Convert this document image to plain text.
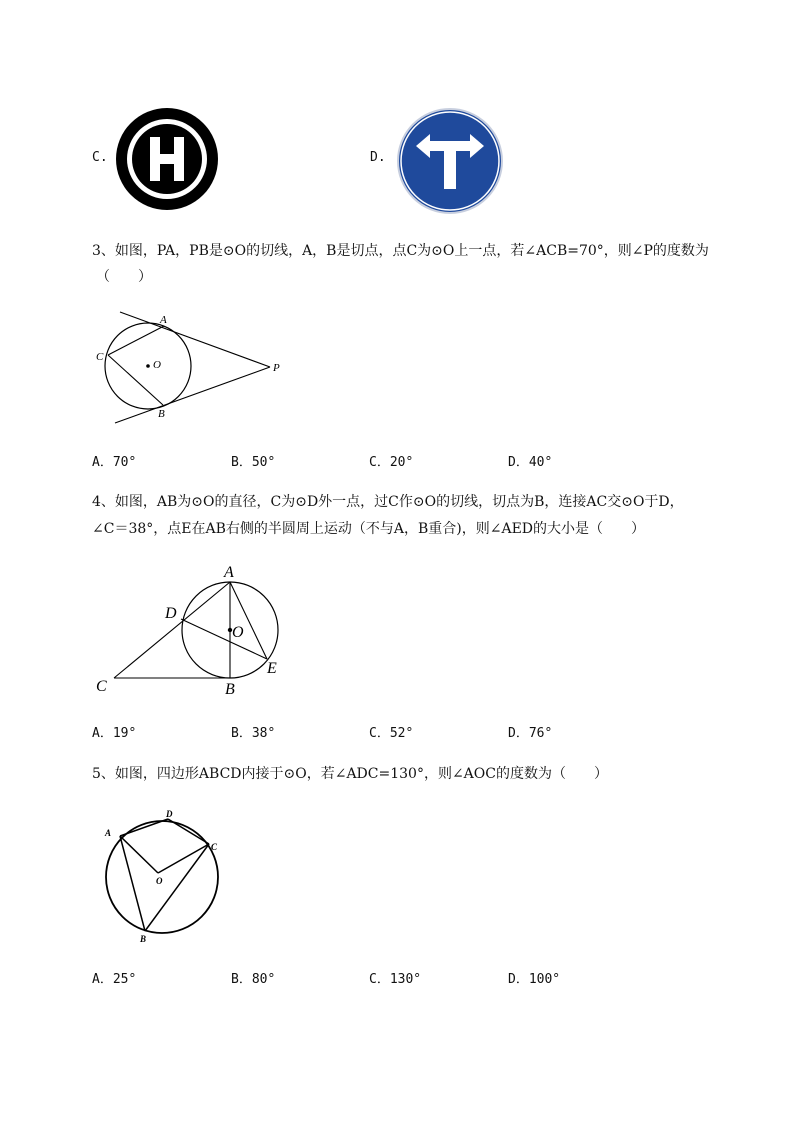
C.	D.
3、如图，PA，PB是⊙O的切线，A，B是切点，点C为⊙O上一点，若∠ACB=70°，则∠P的度数为
（　　）
A
B
C
O	P
A．70°	B．50°	C．20°	D．40°
4、如图，AB为⊙O的直径，C为⊙D外一点，过C作⊙O的切线，切点为B，连接AC交⊙O于D，
∠C＝38°，点E在AB右侧的半圆周上运动（不与A，B重合)，则∠AED的大小是（　　）
A
B
C
D
E
O
A．19°	B．38°	C．52°	D．76°
5、如图，四边形ABCD内接于⊙O，若∠ADC=130°，则∠AOC的度数为（　　）
A
B
C
D
O
A．25°	B．80°	C．130°	D．100°
